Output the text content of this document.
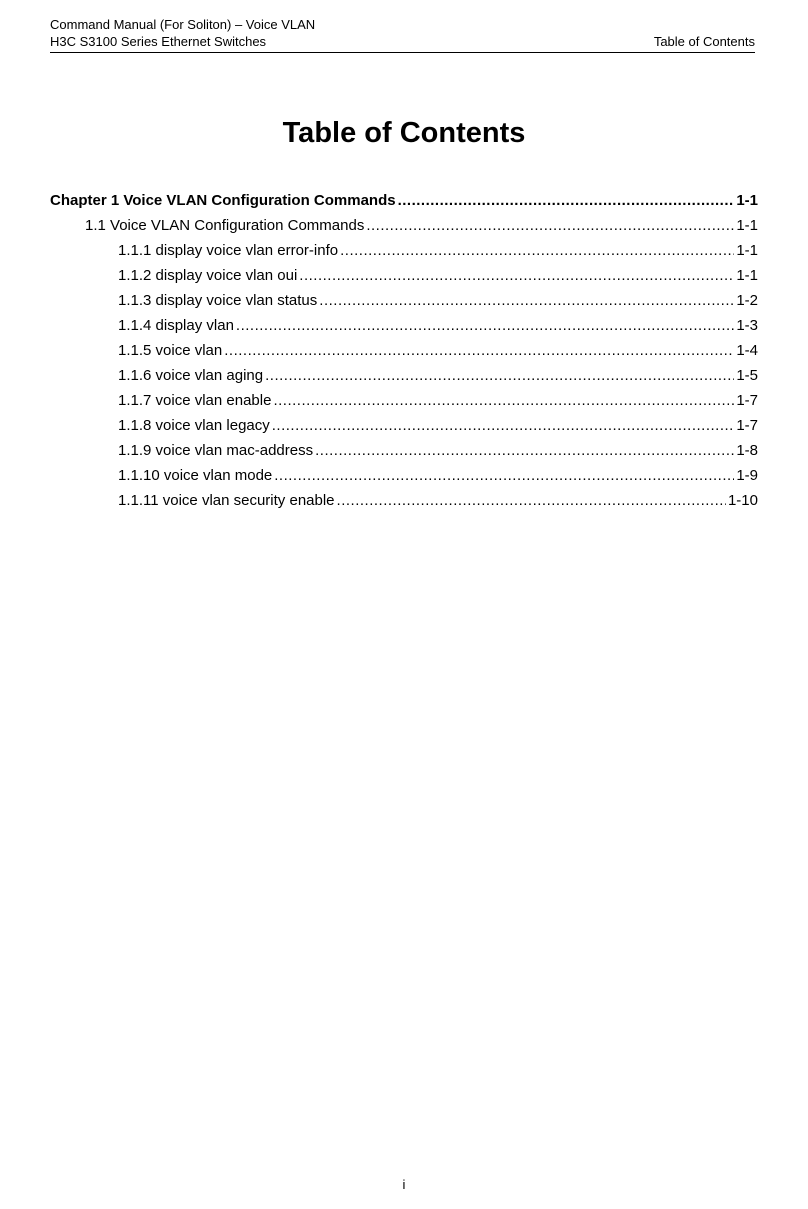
Command Manual (For Soliton) – Voice VLAN
H3C S3100 Series Ethernet Switches	Table of Contents
Table of Contents
Chapter 1 Voice VLAN Configuration Commands .....	1-1
1.1 Voice VLAN Configuration Commands .....	1-1
1.1.1 display voice vlan error-info .....	1-1
1.1.2 display voice vlan oui .....	1-1
1.1.3 display voice vlan status .....	1-2
1.1.4 display vlan .....	1-3
1.1.5 voice vlan .....	1-4
1.1.6 voice vlan aging .....	1-5
1.1.7 voice vlan enable .....	1-7
1.1.8 voice vlan legacy .....	1-7
1.1.9 voice vlan mac-address .....	1-8
1.1.10 voice vlan mode .....	1-9
1.1.11 voice vlan security enable .....	1-10
i
